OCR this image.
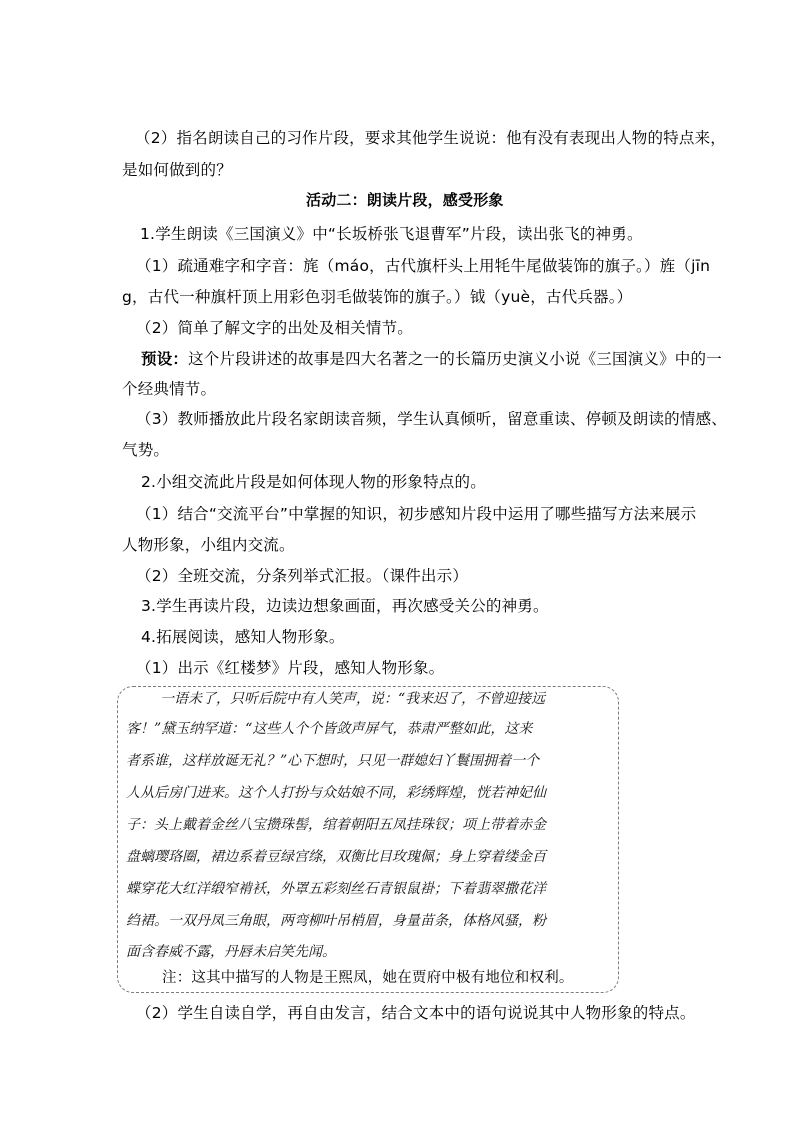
（2）指名朗读自己的习作片段，要求其他学生说说：他有没有表现出人物的特点来，
是如何做到的？
活动二：朗读片段，感受形象
1.学生朗读《三国演义》中“长坂桥张飞退曹军”片段，读出张飞的神勇。
（1）疏通难字和字音：旄（máo，古代旗杆头上用牦牛尾做装饰的旗子。）旌（jīn
g，古代一种旗杆顶上用彩色羽毛做装饰的旗子。）钺（yuè，古代兵器。）
（2）简单了解文字的出处及相关情节。
预设：这个片段讲述的故事是四大名著之一的长篇历史演义小说《三国演义》中的一
个经典情节。
（3）教师播放此片段名家朗读音频，学生认真倾听，留意重读、停顿及朗读的情感、
气势。
2.小组交流此片段是如何体现人物的形象特点的。
（1）结合“交流平台”中掌握的知识，初步感知片段中运用了哪些描写方法来展示
人物形象，小组内交流。
（2）全班交流，分条列举式汇报。（课件出示）
3.学生再读片段，边读边想象画面，再次感受关公的神勇。
4.拓展阅读，感知人物形象。
（1）出示《红楼梦》片段，感知人物形象。
一语未了，只听后院中有人笑声，说：“我来迟了，不曾迎接远
客！”黛玉纳罕道：“这些人个个皆敛声屏气，恭肃严整如此，这来
者系谁，这样放诞无礼？”心下想时，只见一群媳妇丫鬟围拥着一个
人从后房门进来。这个人打扮与众姑娘不同，彩绣辉煌，恍若神妃仙
子：头上戴着金丝八宝攒珠髻，绾着朝阳五凤挂珠钗；项上带着赤金
盘螭璎珞圈，裙边系着豆绿宫绦，双衡比目玫瑰佩；身上穿着缕金百
蝶穿花大红洋缎窄褃袄，外罩五彩刻丝石青银鼠褂；下着翡翠撒花洋
绉裙。一双丹凤三角眼，两弯柳叶吊梢眉，身量苗条，体格风骚，粉
面含春威不露，丹唇未启笑先闻。
注：这其中描写的人物是王熙凤，她在贾府中极有地位和权利。
（2）学生自读自学，再自由发言，结合文本中的语句说说其中人物形象的特点。
